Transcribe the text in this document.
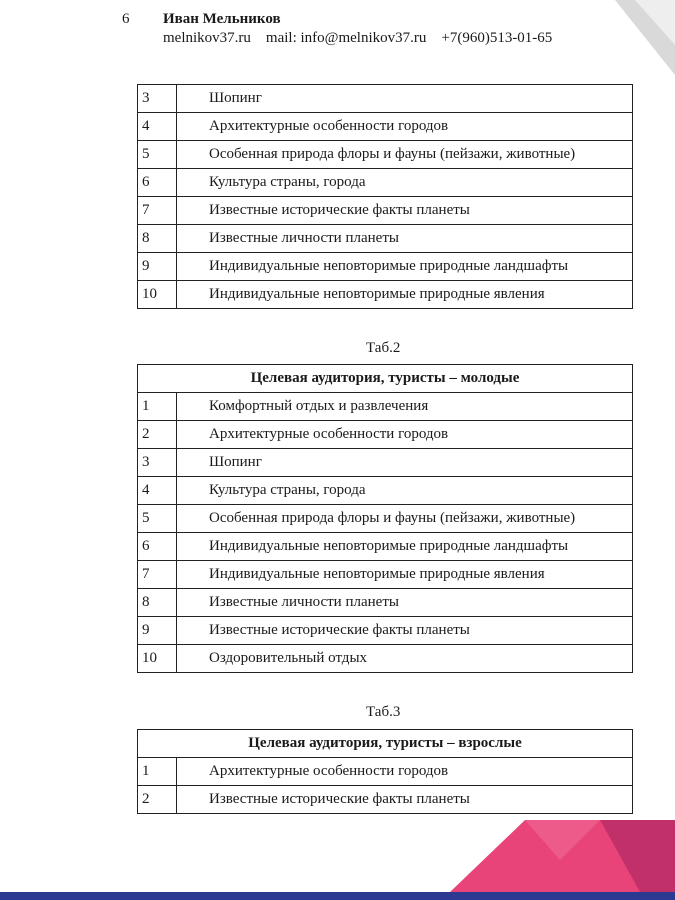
6 Иван Мельников
melnikov37.ru    mail: info@melnikov37.ru    +7(960)513-01-65
3	Шопинг
4	Архитектурные особенности городов
5	Особенная природа флоры и фауны (пейзажи, животные)
6	Культура страны, города
7	Известные исторические факты планеты
8	Известные личности планеты
9	Индивидуальные неповторимые природные ландшафты
10	Индивидуальные неповторимые природные явления
Таб.2
Целевая аудитория, туристы – молодые	
1	Комфортный отдых и развлечения
2	Архитектурные особенности городов
3	Шопинг
4	Культура страны, города
5	Особенная природа флоры и фауны (пейзажи, животные)
6	Индивидуальные неповторимые природные ландшафты
7	Индивидуальные неповторимые природные явления
8	Известные личности планеты
9	Известные исторические факты планеты
10	Оздоровительный отдых
Таб.3
Целевая аудитория, туристы – взрослые	
1	Архитектурные особенности городов
2	Известные исторические факты планеты
